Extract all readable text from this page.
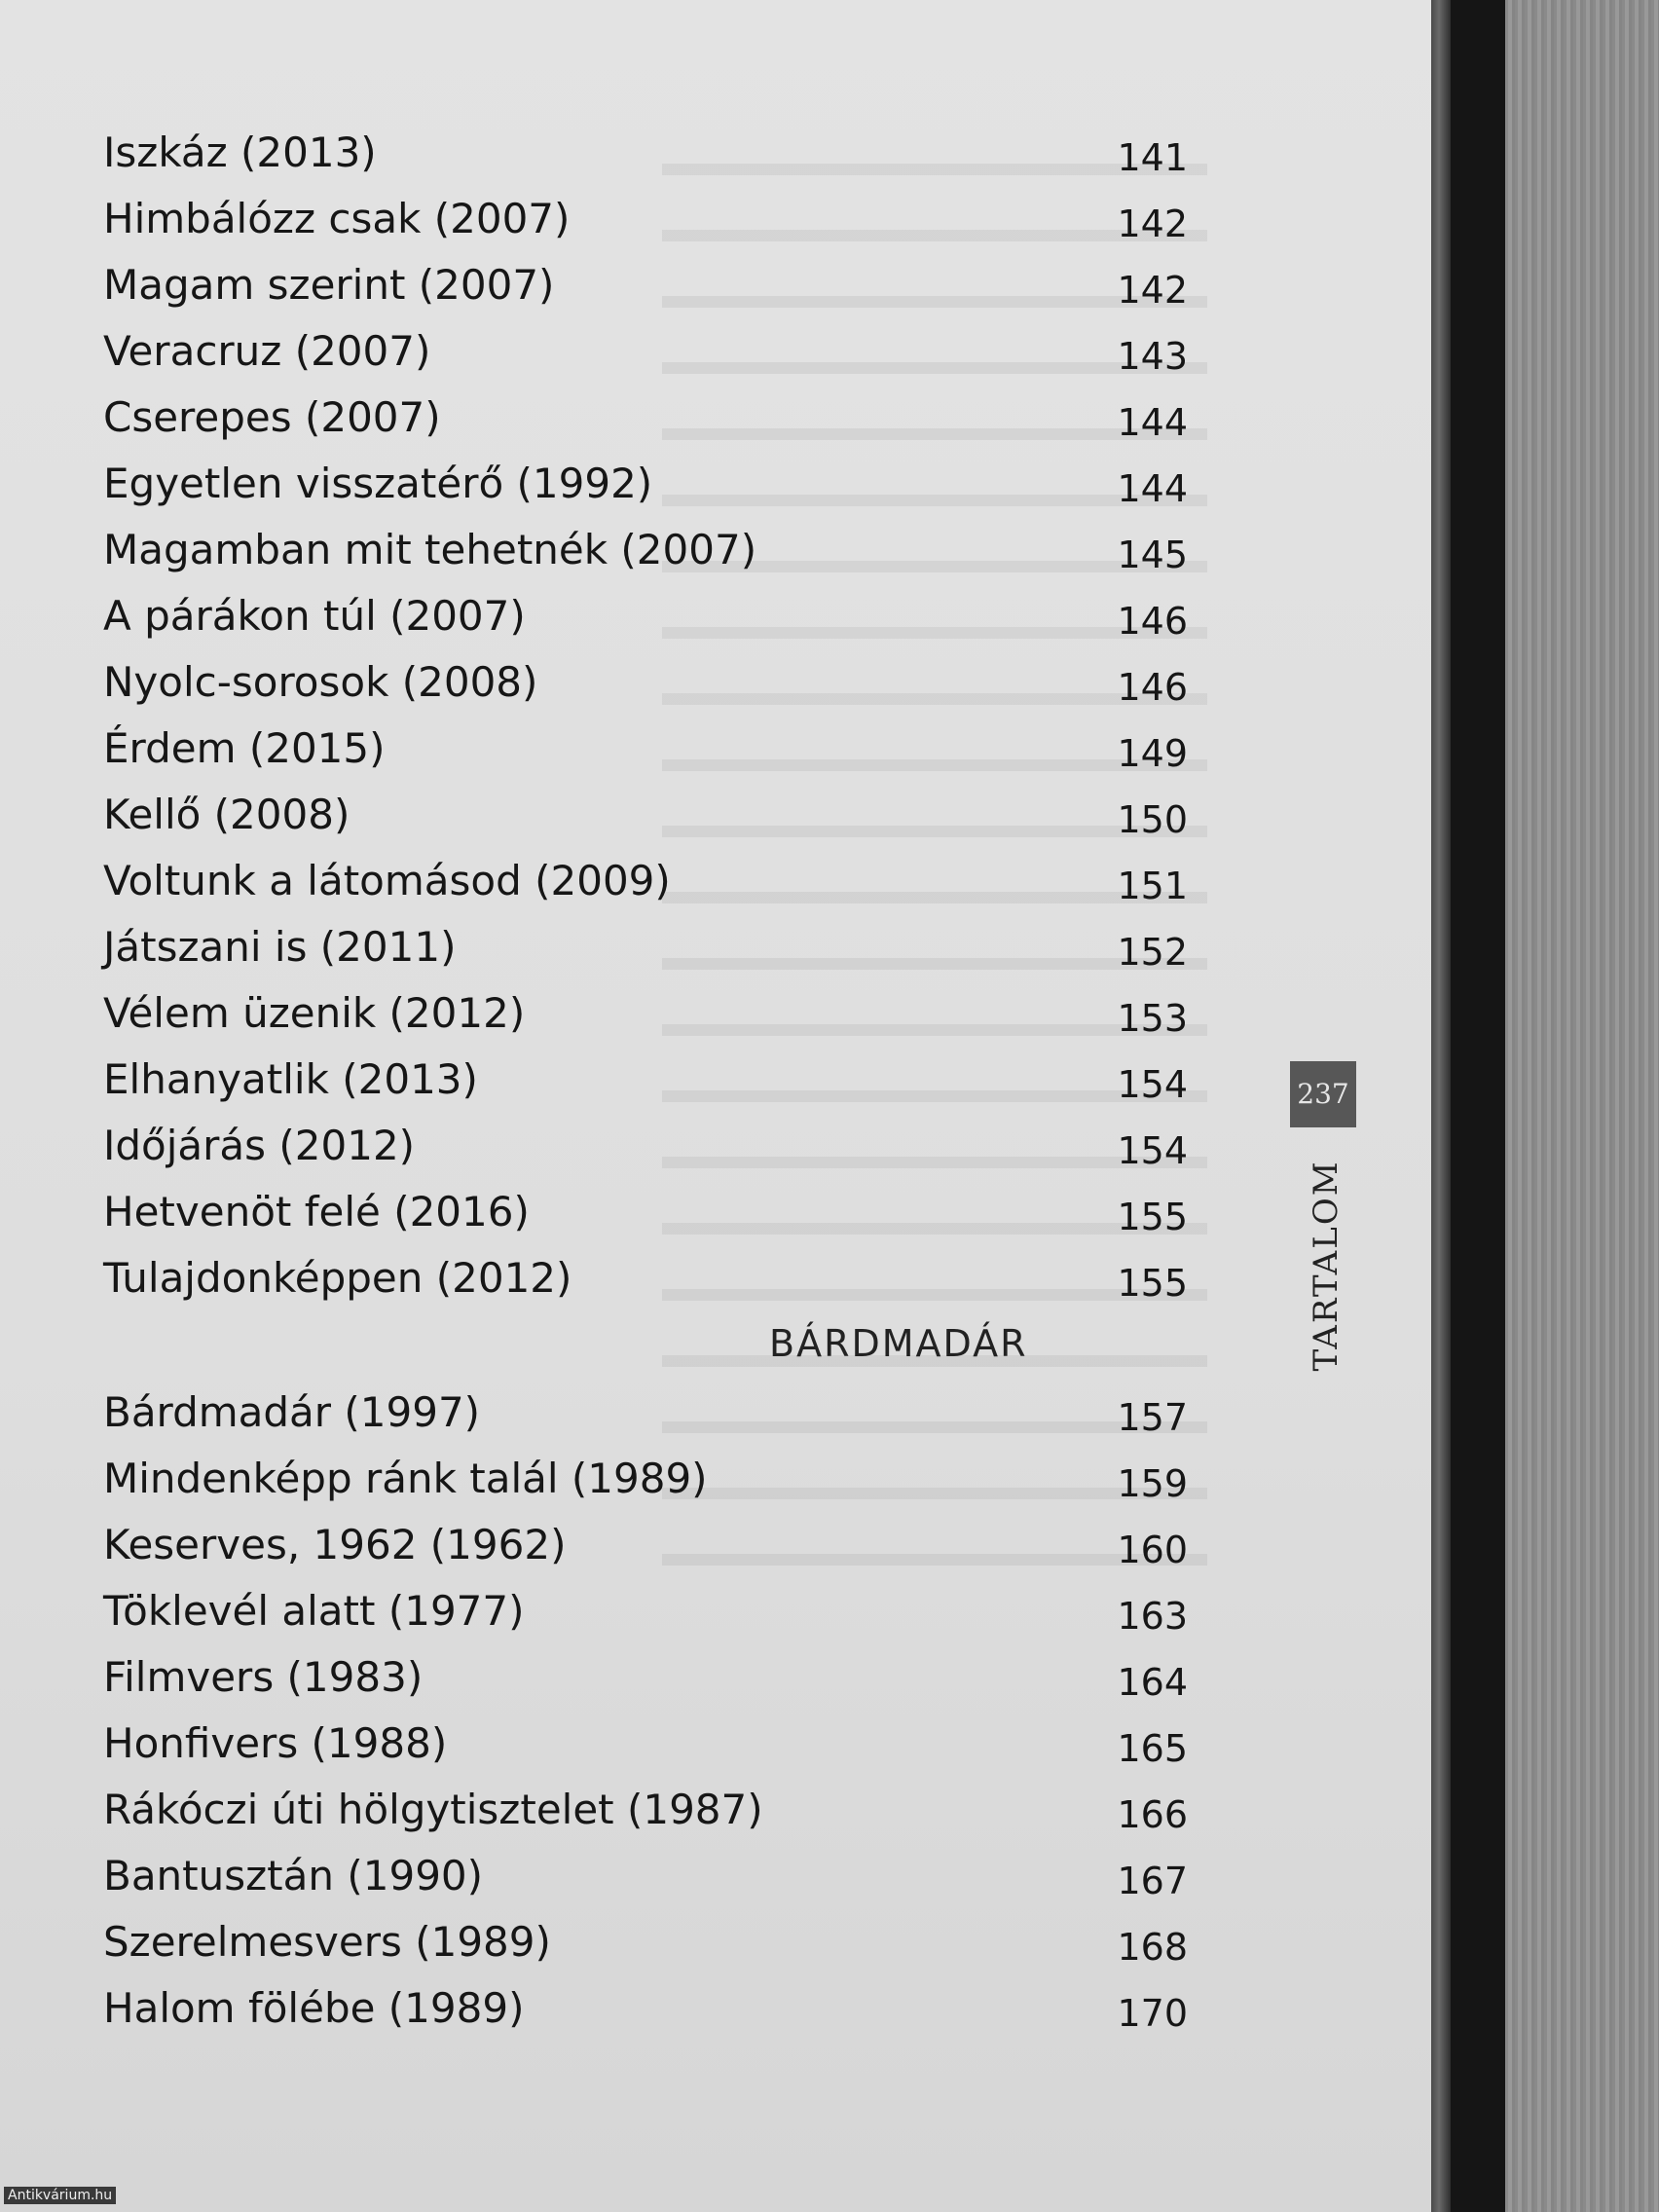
Iszkáz (2013)	141
Himbálózz csak (2007)	142
Magam szerint (2007)	142
Veracruz (2007)	143
Cserepes (2007)	144
Egyetlen visszatérő (1992)	144
Magamban mit tehetnék (2007)	145
A párákon túl (2007)	146
Nyolc-sorosok (2008)	146
Érdem (2015)	149
Kellő (2008)	150
Voltunk a látomásod (2009)	151
Játszani is (2011)	152
Vélem üzenik (2012)	153
Elhanyatlik (2013)	154
Időjárás (2012)	154
Hetvenöt felé (2016)	155
Tulajdonképpen (2012)	155
BÁRDMADÁR
Bárdmadár (1997)	157
Mindenképp ránk talál (1989)	159
Keserves, 1962 (1962)	160
Töklevél alatt (1977)	163
Filmvers (1983)	164
Honfivers (1988)	165
Rákóczi úti hölgytisztelet (1987)	166
Bantusztán (1990)	167
Szerelmesvers (1989)	168
Halom fölébe (1989)	170
237
TARTALOM
Antikvárium.hu
